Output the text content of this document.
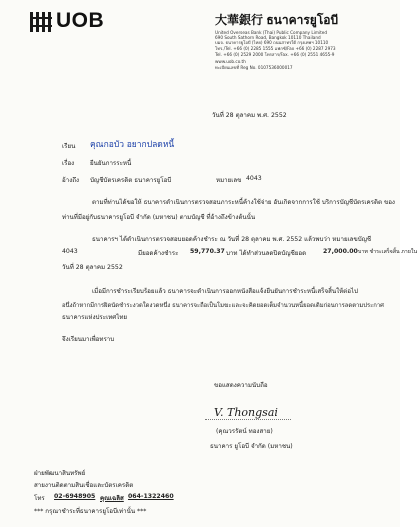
UOB	大華銀行 ธนาคารยูโอบี
United Overseas Bank (Thai) Public Company Limited
690 South Sathorn Road, Bangkok 10110 Thailand
บมจ. ธนาคารยูโอบี (ไทย) 690 ถนนสาทรใต้ กรุงเทพฯ 10110
โทร./Tel. +66 (0) 2285 1555 แฟกซ์/Fax +66 (0) 2287 2973
Tel. +66 (0) 2529 2000 โทรสาร/Fax. +66 (0) 2551 4655-9
www.uob.co.th
ทะเบียนเลขที่ Reg No. 0107536000017
วันที่ 28 ตุลาคม พ.ศ. 2552
เรียน คุณกอบัว อยากปลดหนี้
เรื่อง	ยืนยันการระหนี้
อ้างถึง บัญชีบัตรเครดิต ธนาคารยูโอบี	หมายเลข 4043
ตามที่ท่านได้ขอให้ ธนาคารดำเนินการตรวจสอบภาระหนี้ค้างใช้จ่าย อันเกิดจากการใช้ บริการบัญชีบัตรเครดิต ของ
ท่านที่มีอยู่กับธนาคารยูโอบี จำกัด (มหาชน) ตามบัญชี ที่อ้างถึงข้างต้นนั้น
ธนาคารฯ ได้ดำเนินการตรวจสอบยอดค้างชำระ ณ วันที่ 28 ตุลาคม พ.ศ. 2552 แล้วพบว่า หมายเลขบัญชี
4043	มียอดค้างชำระ 59,770.37 บาท ได้ทำส่วนลดปิดบัญชียอด	27,000.00 บาท ชำระเสร็จสิ้น ภายใน
วันที่ 28 ตุลาคม 2552
เมื่อมีการชำระเรียบร้อยแล้ว ธนาคารจะดำเนินการออกหนังสือแจ้งยืนยันการชำระหนี้เสร็จสิ้นให้ต่อไป
อนึ่งถ้าหากมีการฝิดนัดชำระงวดใดงวดหนึ่ง ธนาคารจะถือเป็นโมฆะและจะคิดยอดเต็มจำนวนหนี้ยอดเดิมก่อนการลดตามประกาศ
ธนาคารแห่งประเทศไทย
จึงเรียนมาเพื่อทราบ
ขอแสดงความนับถือ
V. Thongsai
(คุณวรรัตน์ ทองสาย)
ธนาคาร ยูโอบี จำกัด (มหาชน)
ฝ่ายพัฒนาสินทรัพย์
สายงานติดตามสินเชื่อและบัตรเครดิต
โทร 02-6948905 คุณเฉลิส 064-1322460
*** กรุณาชำระที่ธนาคารยูโอบีเท่านั้น ***
